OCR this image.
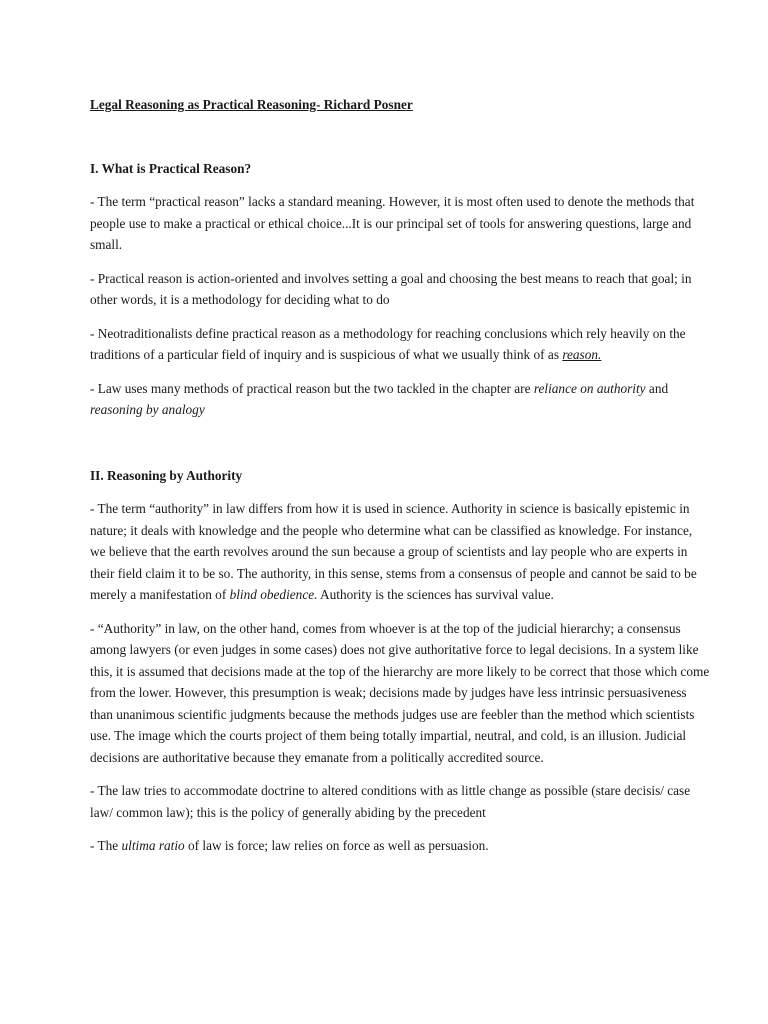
Legal Reasoning as Practical Reasoning- Richard Posner
I. What is Practical Reason?

- The term “practical reason” lacks a standard meaning. However, it is most often used to denote the methods that people use to make a practical or ethical choice...It is our principal set of tools for answering questions, large and small.

- Practical reason is action-oriented and involves setting a goal and choosing the best means to reach that goal; in other words, it is a methodology for deciding what to do

- Neotraditionalists define practical reason as a methodology for reaching conclusions which rely heavily on the traditions of a particular field of inquiry and is suspicious of what we usually think of as reason.

- Law uses many methods of practical reason but the two tackled in the chapter are reliance on authority and  reasoning by analogy

II. Reasoning by Authority

- The term “authority” in law differs from how it is used in science. Authority in science is basically epistemic in nature; it deals with knowledge and the people who determine what can be classified as knowledge. For instance, we believe that the earth revolves around the sun because a group of scientists and lay people who are experts in their field claim it to be so. The authority, in this sense, stems from a consensus of people and cannot be said to be merely a manifestation of blind obedience. Authority is the sciences has survival value.

- “Authority” in law, on the other hand, comes from whoever is at the top of the judicial hierarchy; a consensus among lawyers (or even judges in some cases) does not give authoritative force to legal decisions. In a system like this, it is assumed that decisions made at the top of the hierarchy are more likely to be correct that those which come from the lower. However, this presumption is weak; decisions made by judges have less intrinsic persuasiveness than unanimous scientific judgments because the methods judges use are feebler than the method which scientists use. The image which the courts project of them being totally impartial, neutral, and cold, is an illusion. Judicial decisions are authoritative because they emanate from a politically accredited source.

- The law tries to accommodate doctrine to altered conditions with as little change as possible (stare decisis/ case law/ common law); this is the policy of generally abiding by the precedent

- The ultima ratio of law is force; law relies on force as well as persuasion.
